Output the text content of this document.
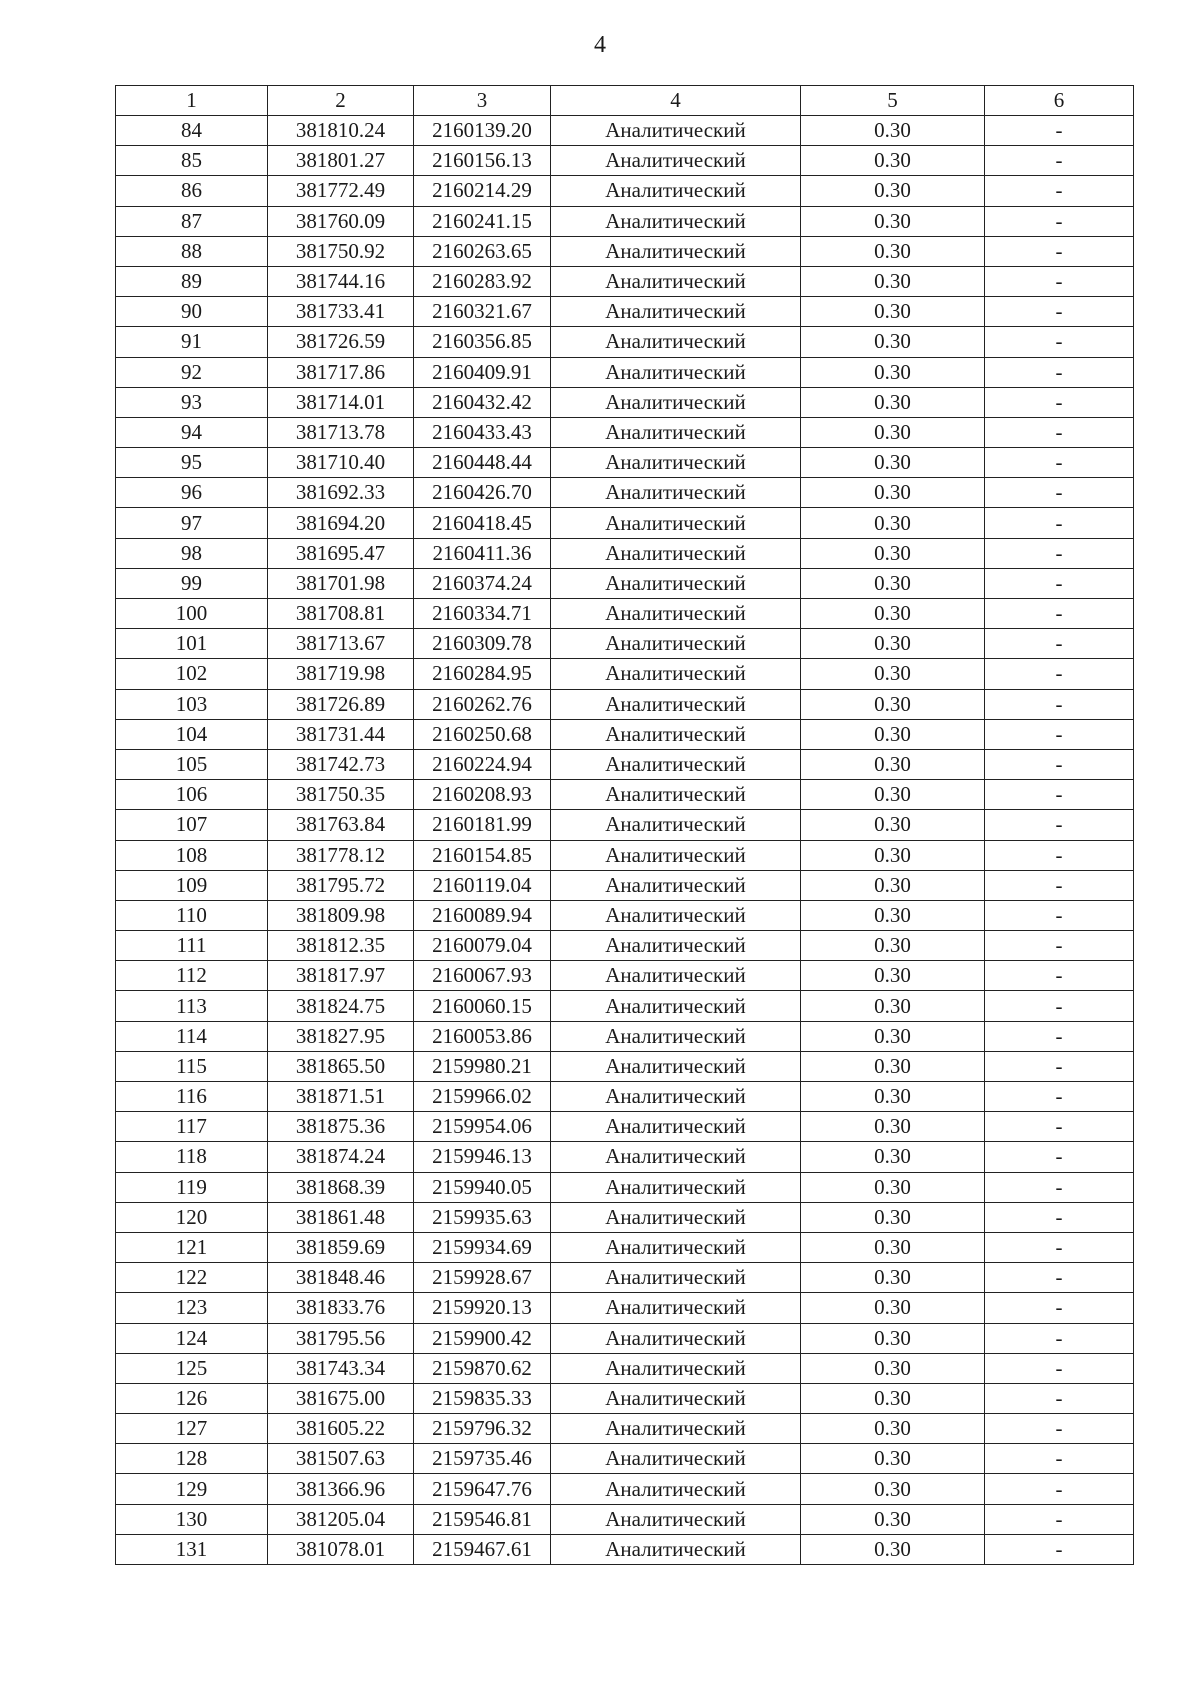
4
1	2	3	4	5	6
84	381810.24	2160139.20	Аналитический	0.30	-
85	381801.27	2160156.13	Аналитический	0.30	-
86	381772.49	2160214.29	Аналитический	0.30	-
87	381760.09	2160241.15	Аналитический	0.30	-
88	381750.92	2160263.65	Аналитический	0.30	-
89	381744.16	2160283.92	Аналитический	0.30	-
90	381733.41	2160321.67	Аналитический	0.30	-
91	381726.59	2160356.85	Аналитический	0.30	-
92	381717.86	2160409.91	Аналитический	0.30	-
93	381714.01	2160432.42	Аналитический	0.30	-
94	381713.78	2160433.43	Аналитический	0.30	-
95	381710.40	2160448.44	Аналитический	0.30	-
96	381692.33	2160426.70	Аналитический	0.30	-
97	381694.20	2160418.45	Аналитический	0.30	-
98	381695.47	2160411.36	Аналитический	0.30	-
99	381701.98	2160374.24	Аналитический	0.30	-
100	381708.81	2160334.71	Аналитический	0.30	-
101	381713.67	2160309.78	Аналитический	0.30	-
102	381719.98	2160284.95	Аналитический	0.30	-
103	381726.89	2160262.76	Аналитический	0.30	-
104	381731.44	2160250.68	Аналитический	0.30	-
105	381742.73	2160224.94	Аналитический	0.30	-
106	381750.35	2160208.93	Аналитический	0.30	-
107	381763.84	2160181.99	Аналитический	0.30	-
108	381778.12	2160154.85	Аналитический	0.30	-
109	381795.72	2160119.04	Аналитический	0.30	-
110	381809.98	2160089.94	Аналитический	0.30	-
111	381812.35	2160079.04	Аналитический	0.30	-
112	381817.97	2160067.93	Аналитический	0.30	-
113	381824.75	2160060.15	Аналитический	0.30	-
114	381827.95	2160053.86	Аналитический	0.30	-
115	381865.50	2159980.21	Аналитический	0.30	-
116	381871.51	2159966.02	Аналитический	0.30	-
117	381875.36	2159954.06	Аналитический	0.30	-
118	381874.24	2159946.13	Аналитический	0.30	-
119	381868.39	2159940.05	Аналитический	0.30	-
120	381861.48	2159935.63	Аналитический	0.30	-
121	381859.69	2159934.69	Аналитический	0.30	-
122	381848.46	2159928.67	Аналитический	0.30	-
123	381833.76	2159920.13	Аналитический	0.30	-
124	381795.56	2159900.42	Аналитический	0.30	-
125	381743.34	2159870.62	Аналитический	0.30	-
126	381675.00	2159835.33	Аналитический	0.30	-
127	381605.22	2159796.32	Аналитический	0.30	-
128	381507.63	2159735.46	Аналитический	0.30	-
129	381366.96	2159647.76	Аналитический	0.30	-
130	381205.04	2159546.81	Аналитический	0.30	-
131	381078.01	2159467.61	Аналитический	0.30	-
